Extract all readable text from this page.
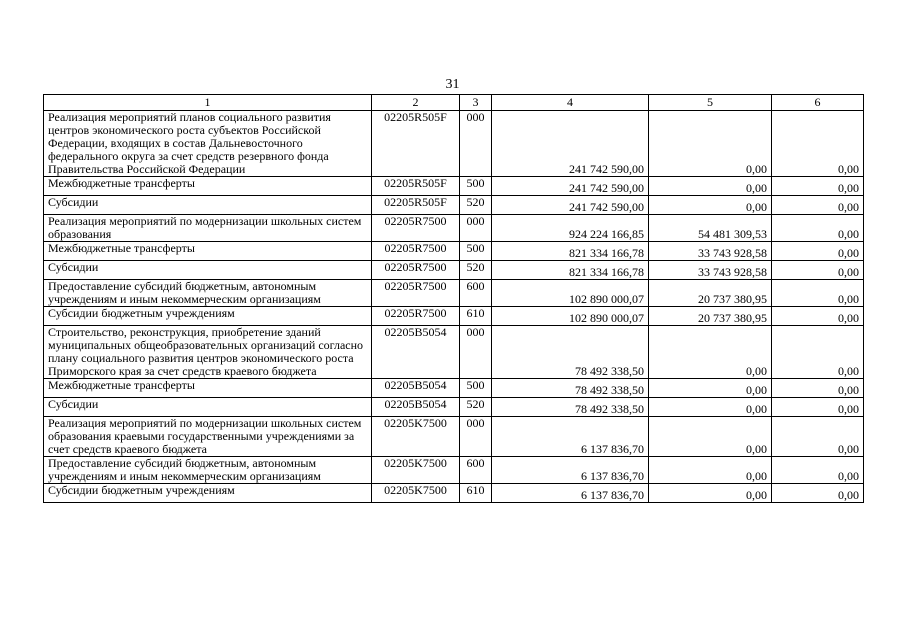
31
1	2	3	4	5	6
Реализация мероприятий планов социального развития центров экономического роста субъектов Российской Федерации, входящих в состав Дальневосточного федерального округа за счет средств резервного фонда Правительства Российской Федерации	02205R505F	000	241 742 590,00	0,00	0,00
Межбюджетные трансферты	02205R505F	500	241 742 590,00	0,00	0,00
Субсидии	02205R505F	520	241 742 590,00	0,00	0,00
Реализация мероприятий по модернизации школьных систем образования	02205R7500	000	924 224 166,85	54 481 309,53	0,00
Межбюджетные трансферты	02205R7500	500	821 334 166,78	33 743 928,58	0,00
Субсидии	02205R7500	520	821 334 166,78	33 743 928,58	0,00
Предоставление субсидий бюджетным, автономным учреждениям и иным некоммерческим организациям	02205R7500	600	102 890 000,07	20 737 380,95	0,00
Субсидии бюджетным учреждениям	02205R7500	610	102 890 000,07	20 737 380,95	0,00
Строительство, реконструкция, приобретение зданий муниципальных общеобразовательных организаций согласно плану социального развития центров экономического роста Приморского края за счет средств краевого бюджета	02205B5054	000	78 492 338,50	0,00	0,00
Межбюджетные трансферты	02205B5054	500	78 492 338,50	0,00	0,00
Субсидии	02205B5054	520	78 492 338,50	0,00	0,00
Реализация мероприятий по модернизации школьных систем образования краевыми государственными учреждениями за счет средств краевого бюджета	02205K7500	000	6 137 836,70	0,00	0,00
Предоставление субсидий бюджетным, автономным учреждениям и иным некоммерческим организациям	02205K7500	600	6 137 836,70	0,00	0,00
Субсидии бюджетным учреждениям	02205K7500	610	6 137 836,70	0,00	0,00
